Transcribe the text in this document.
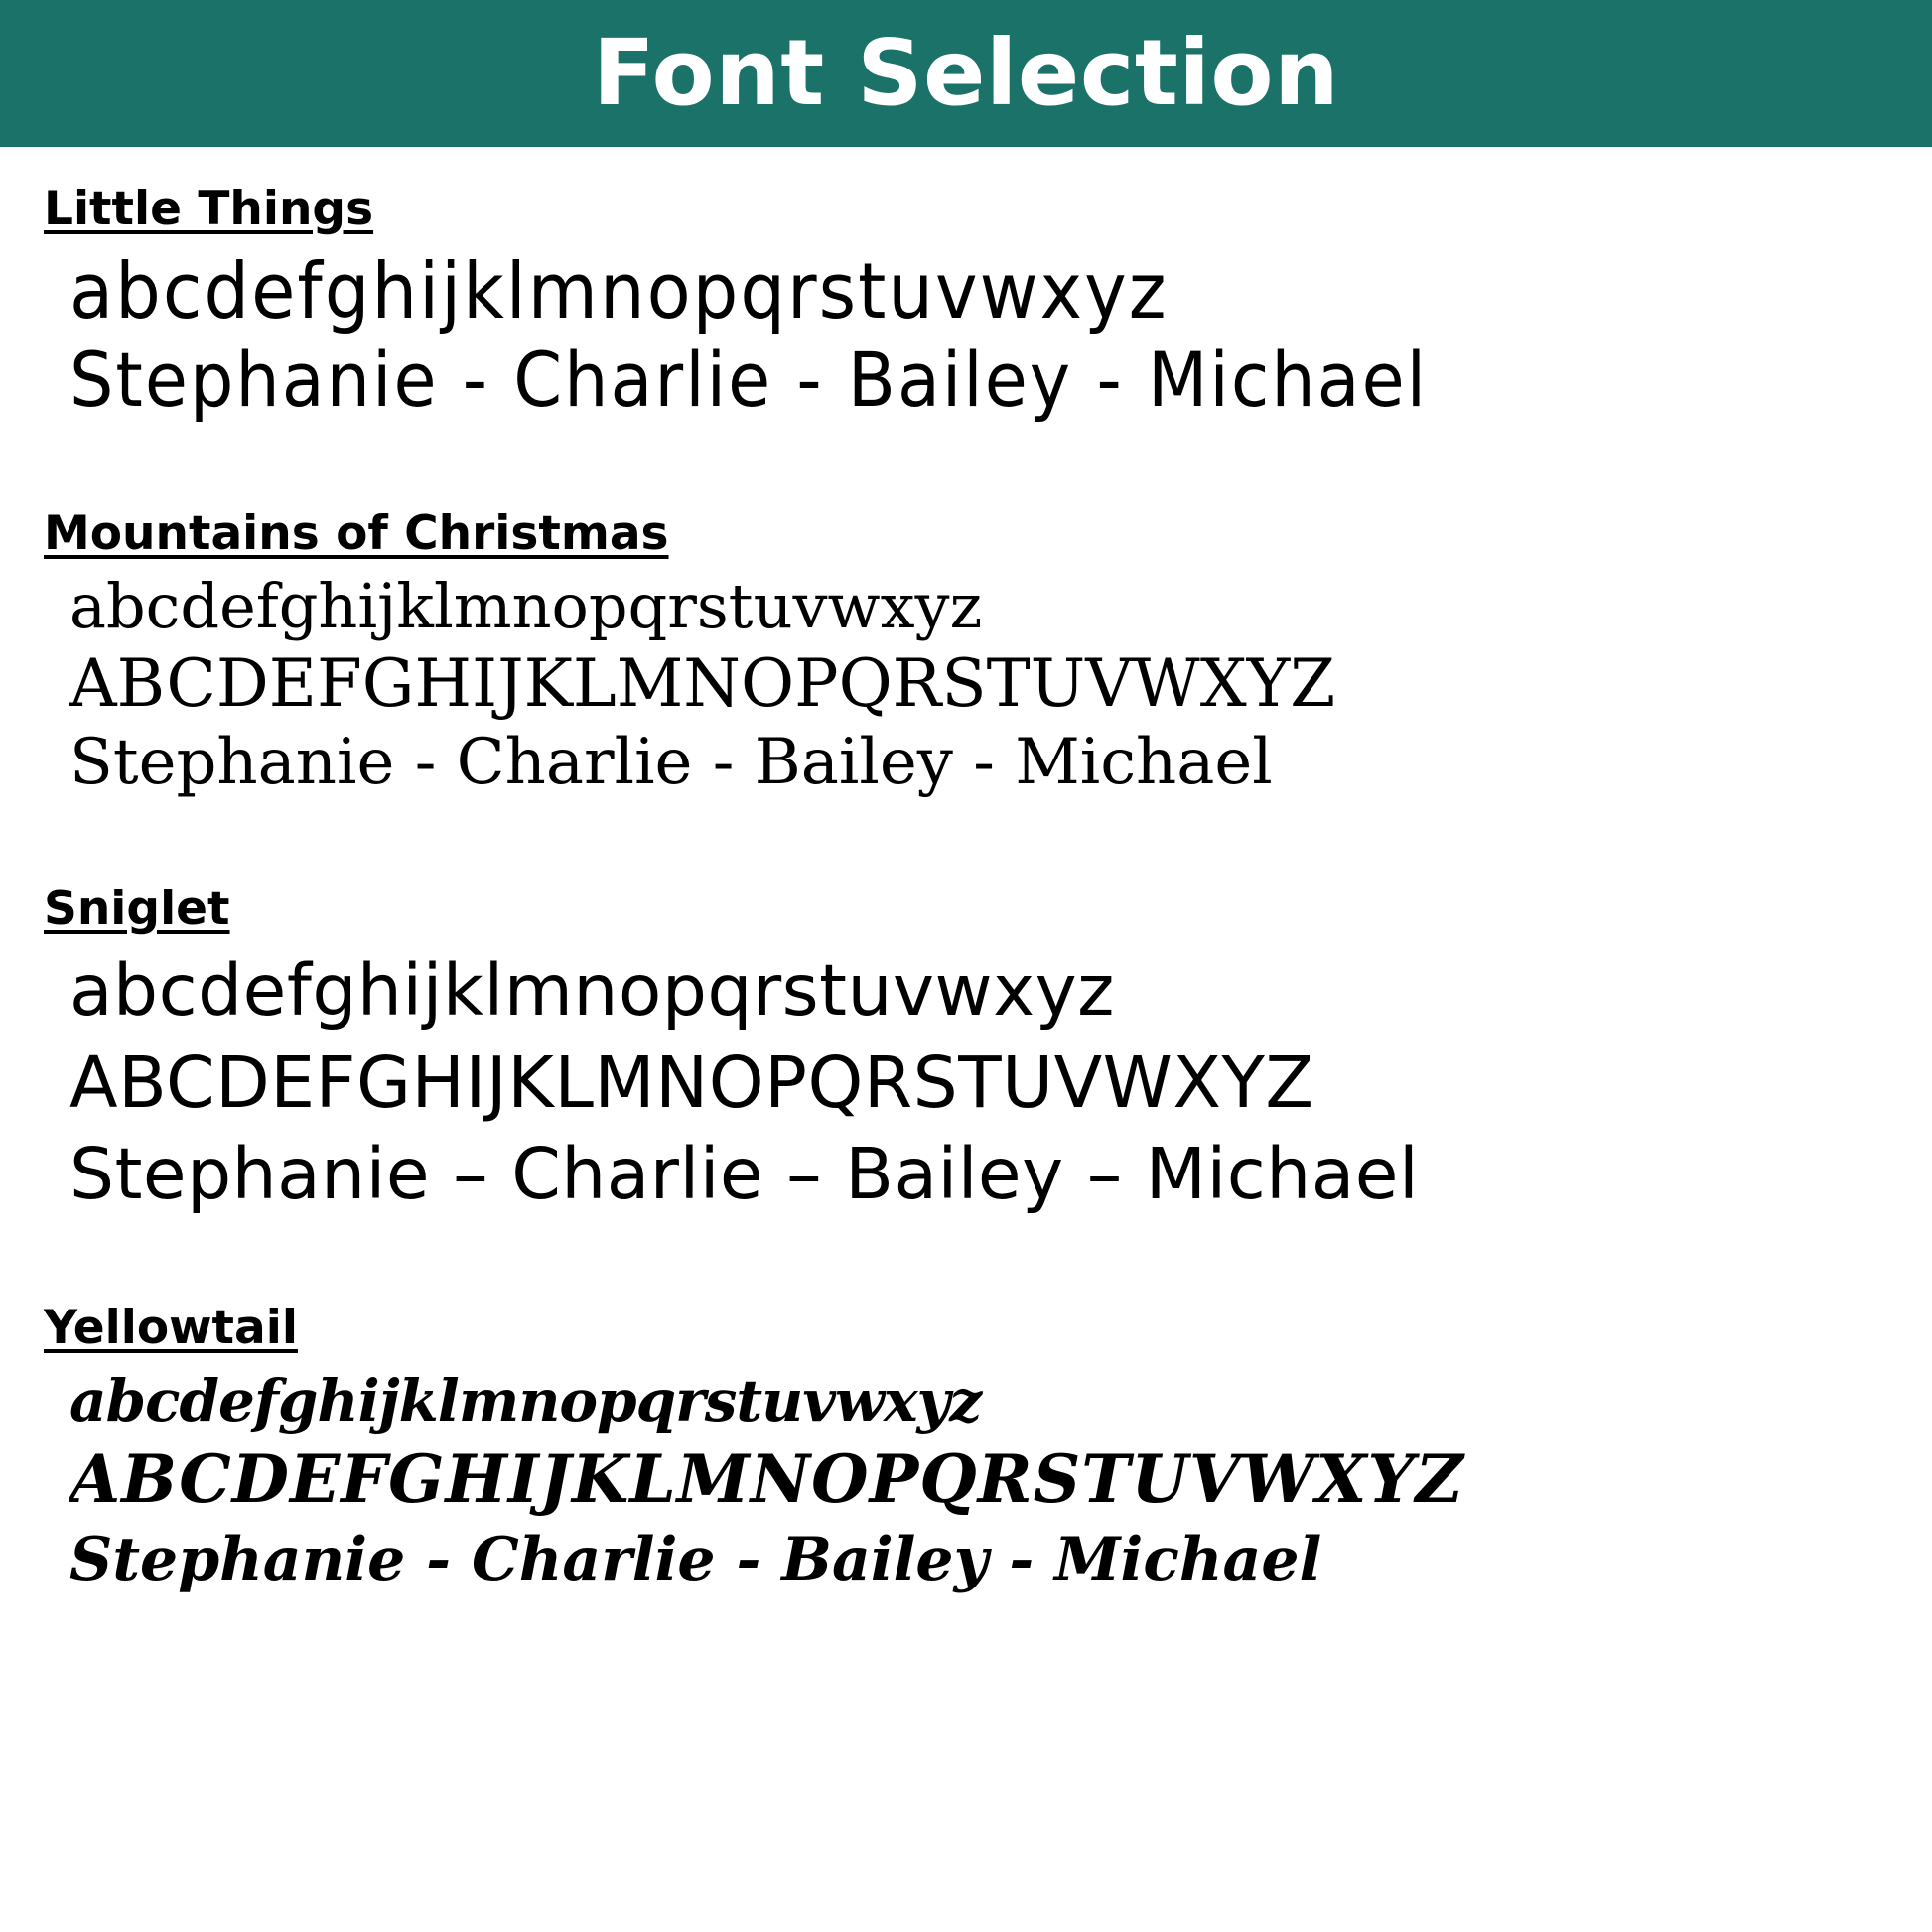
Font Selection
Little Things
abcdefghijklmnopqrstuvwxyz
Stephanie - Charlie - Bailey - Michael
Mountains of Christmas
abcdefghijklmnopqrstuvwxyz
ABCDEFGHIJKLMNOPQRSTUVWXYZ
Stephanie - Charlie - Bailey - Michael
Sniglet
abcdefghijklmnopqrstuvwxyz
ABCDEFGHIJKLMNOPQRSTUVWXYZ
Stephanie – Charlie – Bailey – Michael
Yellowtail
abcdefghijklmnopqrstuvwxyz
ABCDEFGHIJKLMNOPQRSTUVWXYZ
Stephanie - Charlie - Bailey - Michael
